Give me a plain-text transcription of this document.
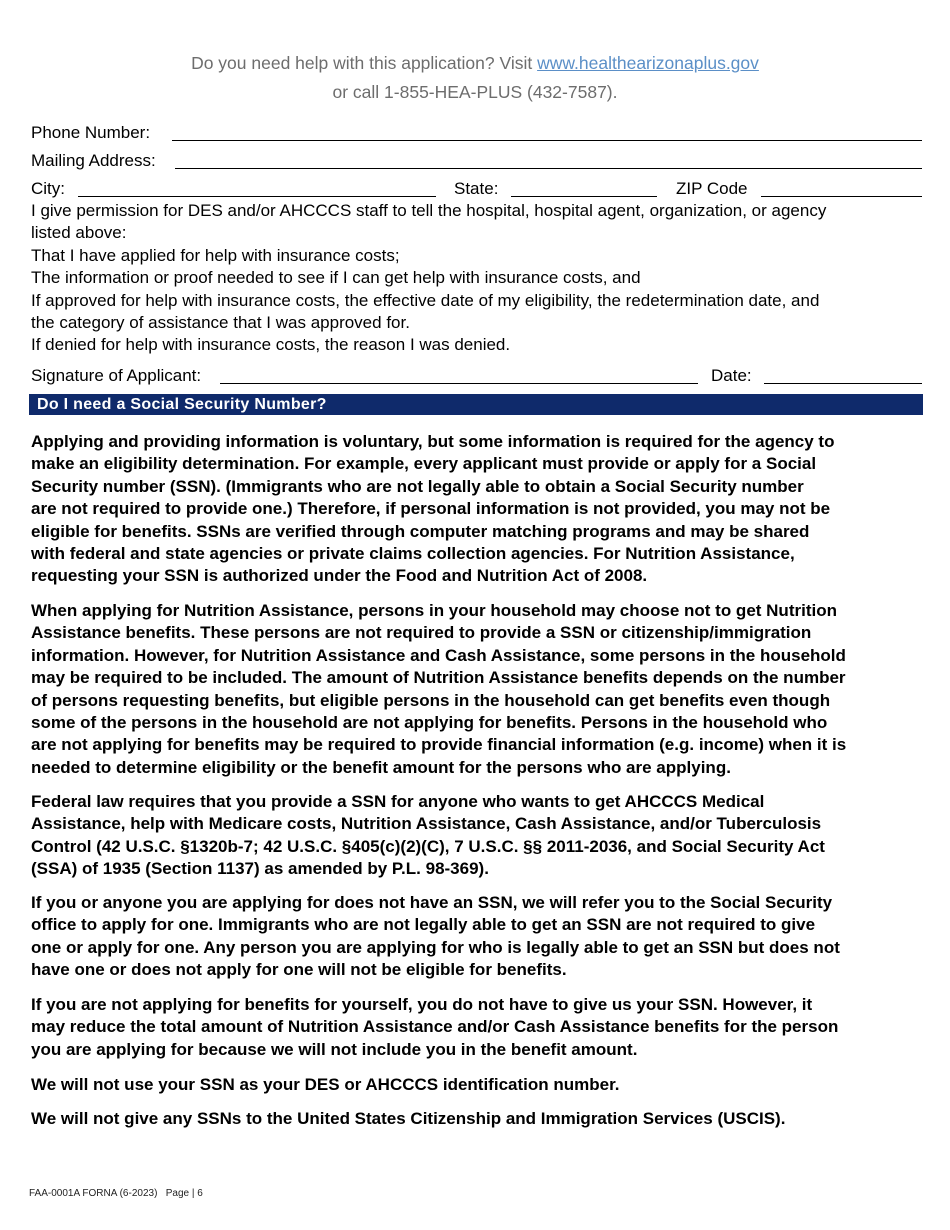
Do you need help with this application? Visit www.healthearizonaplus.gov
or call 1-855-HEA-PLUS (432-7587).
Phone Number:
Mailing Address:
City:	State:	ZIP Code
I give permission for DES and/or AHCCCS staff to tell the hospital, hospital agent, organization, or agency
listed above:
That I have applied for help with insurance costs;
The information or proof needed to see if I can get help with insurance costs, and
If approved for help with insurance costs, the effective date of my eligibility, the redetermination date, and
the category of assistance that I was approved for.
If denied for help with insurance costs, the reason I was denied.
Signature of Applicant:	Date:
Do I need a Social Security Number?
Applying and providing information is voluntary, but some information is required for the agency to
make an eligibility determination. For example, every applicant must provide or apply for a Social
Security number (SSN). (Immigrants who are not legally able to obtain a Social Security number
are not required to provide one.) Therefore, if personal information is not provided, you may not be
eligible for benefits. SSNs are verified through computer matching programs and may be shared
with federal and state agencies or private claims collection agencies. For Nutrition Assistance,
requesting your SSN is authorized under the Food and Nutrition Act of 2008.
When applying for Nutrition Assistance, persons in your household may choose not to get Nutrition
Assistance benefits. These persons are not required to provide a SSN or citizenship/immigration
information. However, for Nutrition Assistance and Cash Assistance, some persons in the household
may be required to be included. The amount of Nutrition Assistance benefits depends on the number
of persons requesting benefits, but eligible persons in the household can get benefits even though
some of the persons in the household are not applying for benefits. Persons in the household who
are not applying for benefits may be required to provide financial information (e.g. income) when it is
needed to determine eligibility or the benefit amount for the persons who are applying.
Federal law requires that you provide a SSN for anyone who wants to get AHCCCS Medical
Assistance, help with Medicare costs, Nutrition Assistance, Cash Assistance, and/or Tuberculosis
Control (42 U.S.C. §1320b-7; 42 U.S.C. §405(c)(2)(C), 7 U.S.C. §§ 2011-2036, and Social Security Act
(SSA) of 1935 (Section 1137) as amended by P.L. 98-369).
If you or anyone you are applying for does not have an SSN, we will refer you to the Social Security
office to apply for one. Immigrants who are not legally able to get an SSN are not required to give
one or apply for one. Any person you are applying for who is legally able to get an SSN but does not
have one or does not apply for one will not be eligible for benefits.
If you are not applying for benefits for yourself, you do not have to give us your SSN. However, it
may reduce the total amount of Nutrition Assistance and/or Cash Assistance benefits for the person
you are applying for because we will not include you in the benefit amount.
We will not use your SSN as your DES or AHCCCS identification number.
We will not give any SSNs to the United States Citizenship and Immigration Services (USCIS).
FAA-0001A FORNA (6-2023)   Page | 6
